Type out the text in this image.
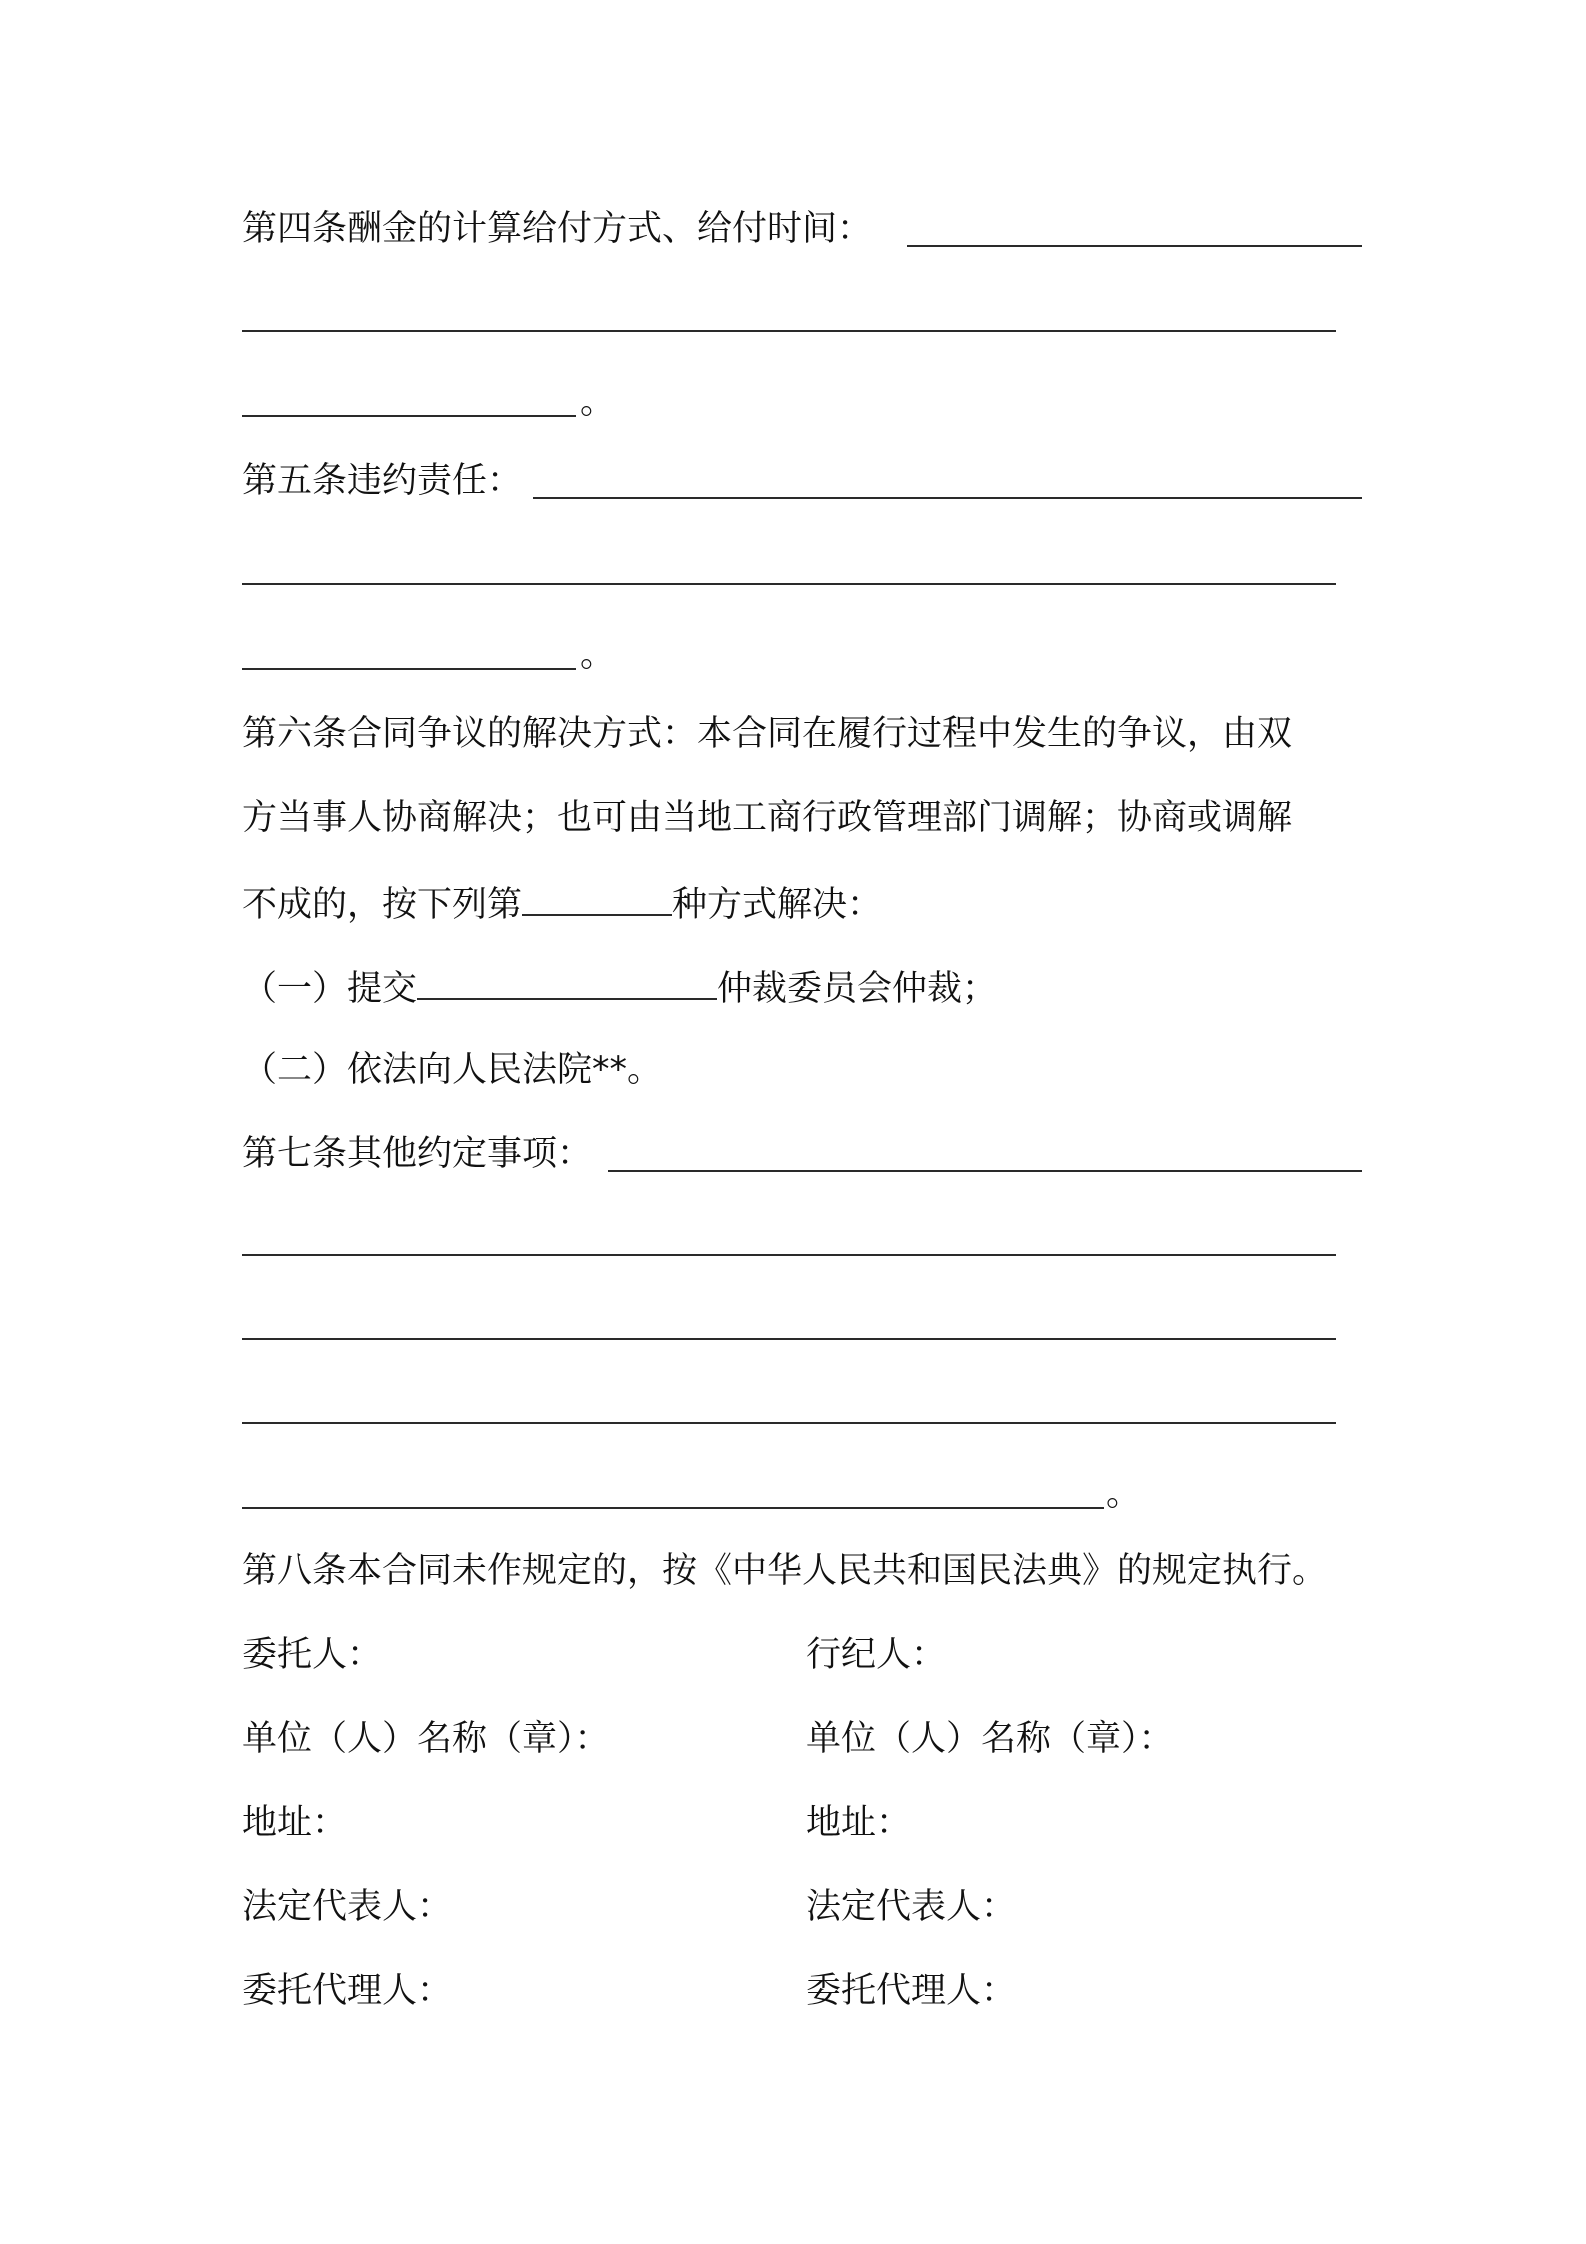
第四条酬金的计算给付方式、给付时间：
。
第五条违约责任：
。
第六条合同争议的解决方式：本合同在履行过程中发生的争议，由双
方当事人协商解决；也可由当地工商行政管理部门调解；协商或调解
不成的，按下列第	种方式解决：
（一）提交	仲裁委员会仲裁；
（二）依法向人民法院**。
第七条其他约定事项：
。
第八条本合同未作规定的，按《中华人民共和国民法典》的规定执行。
委托人：
单位（人）名称（章）：
地址：
法定代表人：
委托代理人：
行纪人：
单位（人）名称（章）：
地址：
法定代表人：
委托代理人：
